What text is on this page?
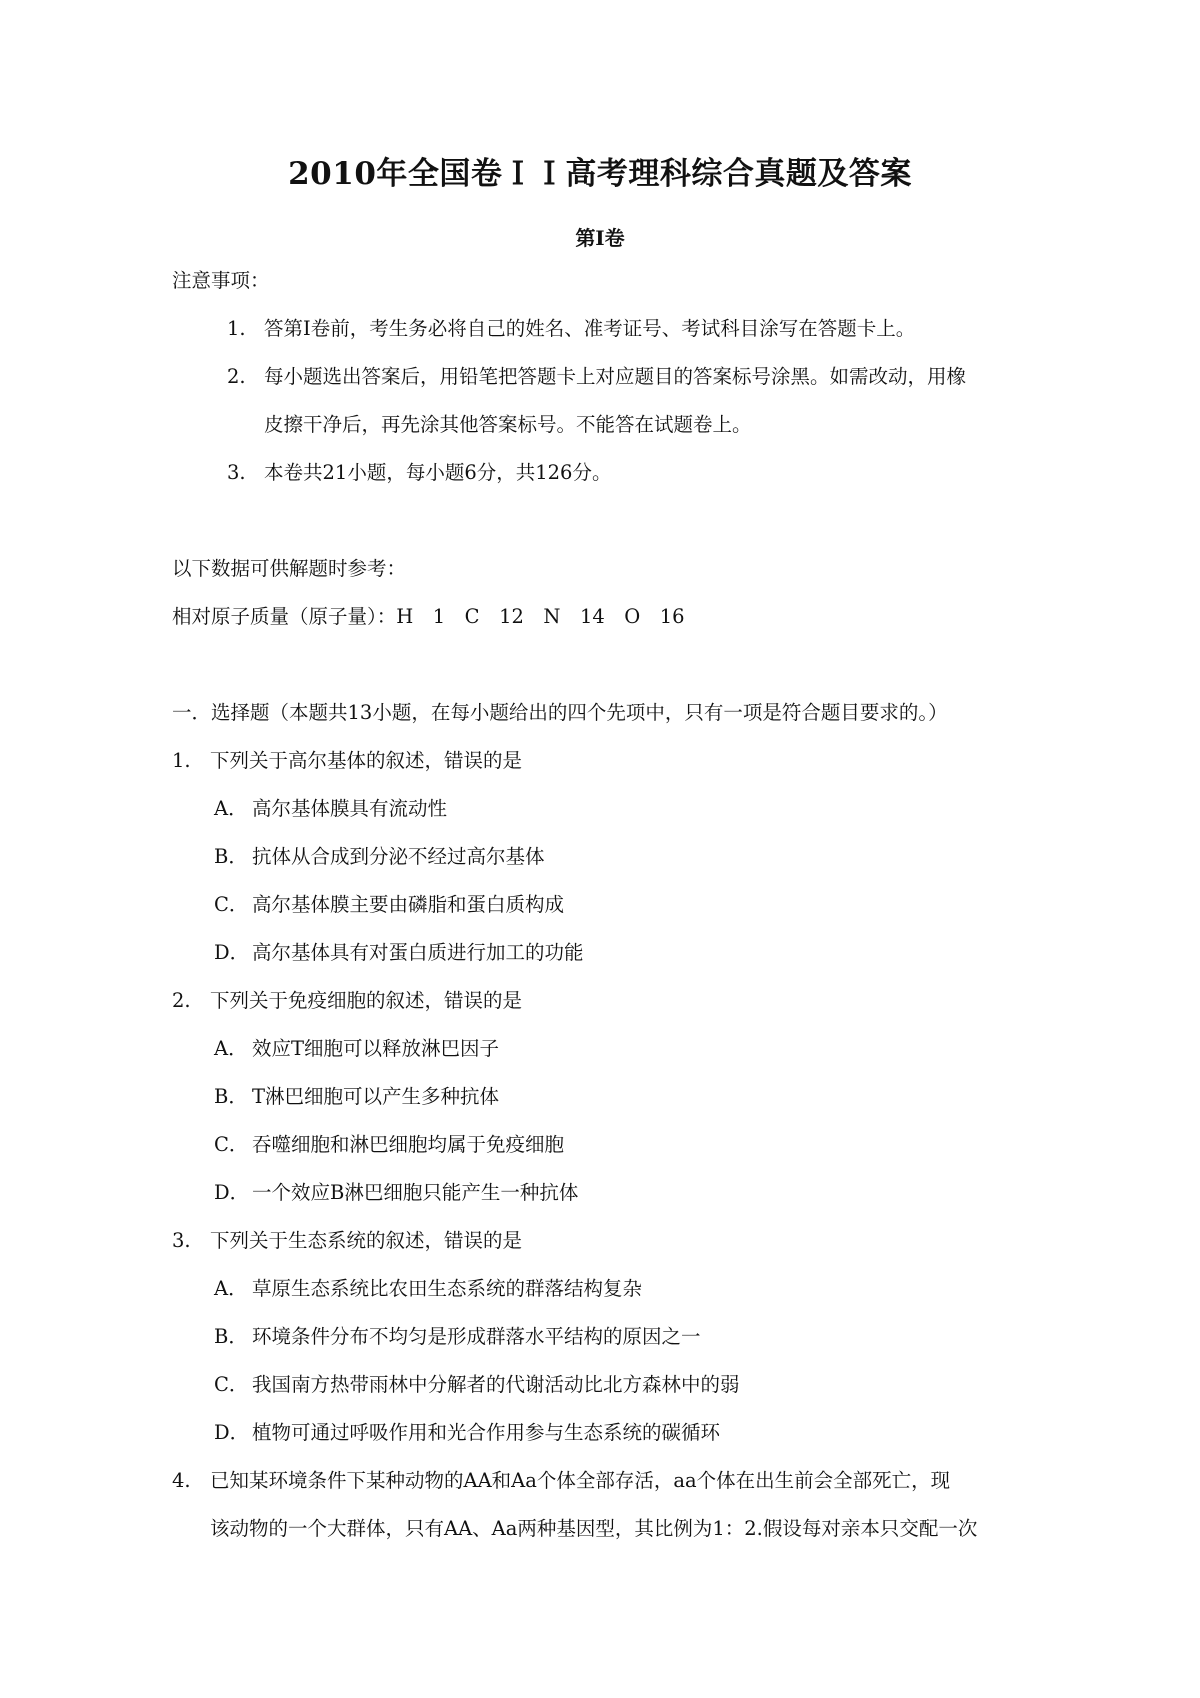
2010年全国卷ＩＩ高考理科综合真题及答案
第Ⅰ卷
注意事项：
1. 答第Ⅰ卷前，考生务必将自己的姓名、准考证号、考试科目涂写在答题卡上。
2. 每小题选出答案后，用铅笔把答题卡上对应题目的答案标号涂黑。如需改动，用橡
皮擦干净后，再先涂其他答案标号。不能答在试题卷上。
3. 本卷共21小题，每小题6分，共126分。
以下数据可供解题时参考：
相对原子质量（原子量）：H　1　C　12　N　14　O　16
一．选择题（本题共13小题，在每小题给出的四个先项中，只有一项是符合题目要求的。）
1. 下列关于高尔基体的叙述，错误的是
A． 高尔基体膜具有流动性
B． 抗体从合成到分泌不经过高尔基体
C． 高尔基体膜主要由磷脂和蛋白质构成
D． 高尔基体具有对蛋白质进行加工的功能
2. 下列关于免疫细胞的叙述，错误的是
A． 效应T细胞可以释放淋巴因子
B． T淋巴细胞可以产生多种抗体
C． 吞噬细胞和淋巴细胞均属于免疫细胞
D． 一个效应B淋巴细胞只能产生一种抗体
3. 下列关于生态系统的叙述，错误的是
A． 草原生态系统比农田生态系统的群落结构复杂
B． 环境条件分布不均匀是形成群落水平结构的原因之一
C． 我国南方热带雨林中分解者的代谢活动比北方森林中的弱
D． 植物可通过呼吸作用和光合作用参与生态系统的碳循环
4. 已知某环境条件下某种动物的AA和Aa个体全部存活，aa个体在出生前会全部死亡，现
该动物的一个大群体，只有AA、Aa两种基因型，其比例为1：2.假设每对亲本只交配一次
